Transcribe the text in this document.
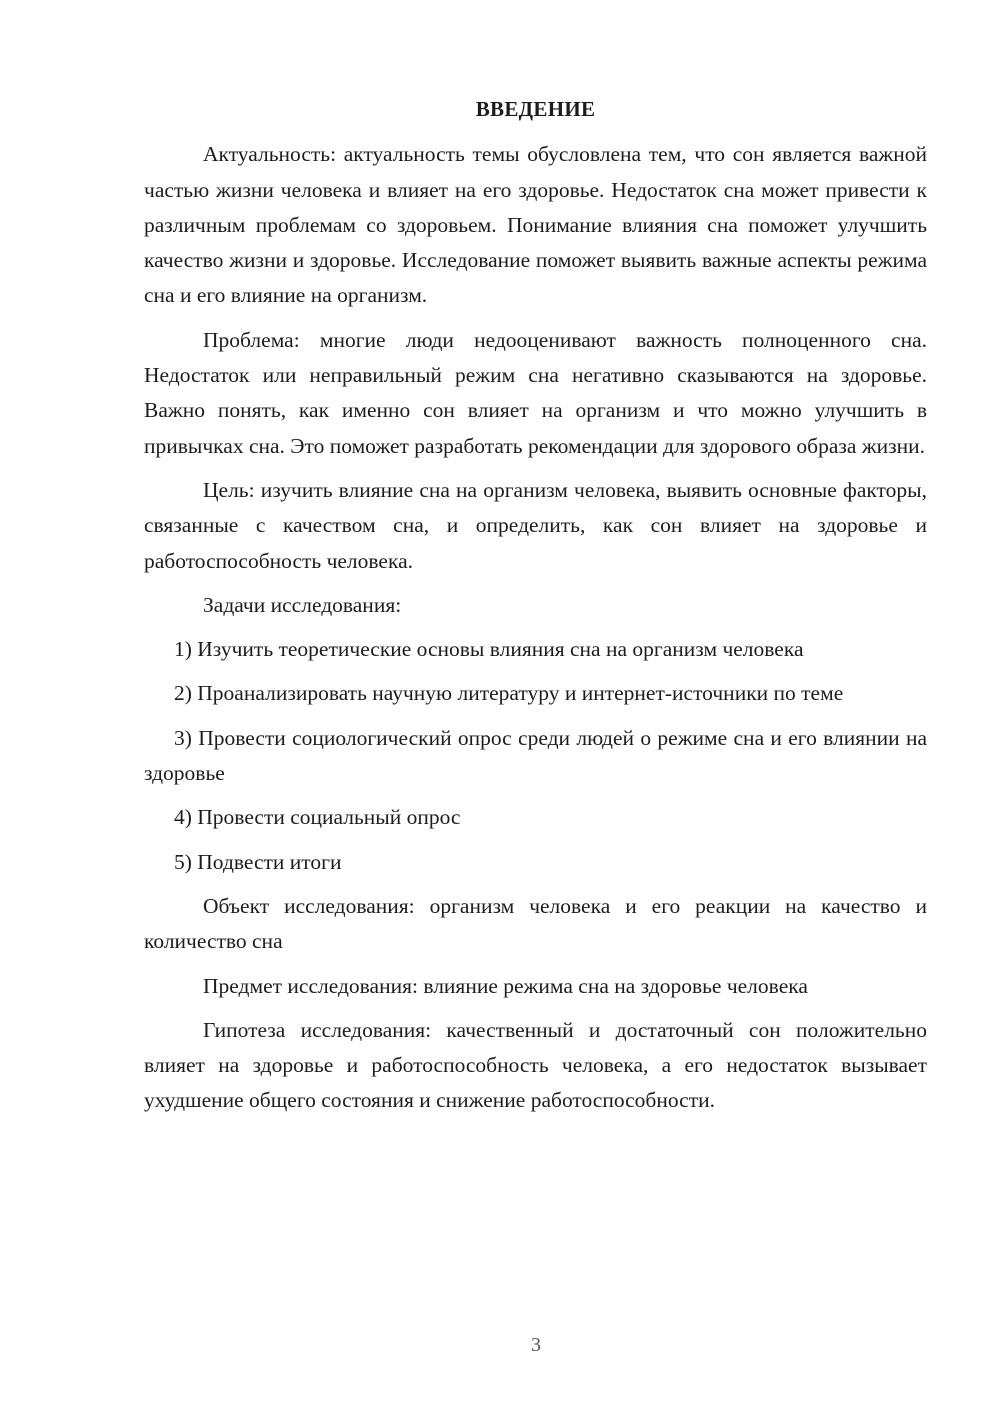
ВВЕДЕНИЕ

Актуальность: актуальность темы обусловлена тем, что сон является важной частью жизни человека и влияет на его здоровье. Недостаток сна может привести к различным проблемам со здоровьем. Понимание влияния сна поможет улучшить качество жизни и здоровье. Исследование поможет выявить важные аспекты режима сна и его влияние на организм.

Проблема: многие люди недооценивают важность полноценного сна. Недостаток или неправильный режим сна негативно сказываются на здоровье. Важно понять, как именно сон влияет на организм и что можно улучшить в привычках сна. Это поможет разработать рекомендации для здорового образа жизни.

Цель: изучить влияние сна на организм человека, выявить основные факторы, связанные с качеством сна, и определить, как сон влияет на здоровье и работоспособность человека.

Задачи исследования:

1) Изучить теоретические основы влияния сна на организм человека

2) Проанализировать научную литературу и интернет-источники по теме

3) Провести социологический опрос среди людей о режиме сна и его влиянии на здоровье

4) Провести социальный опрос

5) Подвести итоги

Объект исследования: организм человека и его реакции на качество и количество сна

Предмет исследования: влияние режима сна на здоровье человека

Гипотеза исследования: качественный и достаточный сон положительно влияет на здоровье и работоспособность человека, а его недостаток вызывает ухудшение общего состояния и снижение работоспособности.

3
